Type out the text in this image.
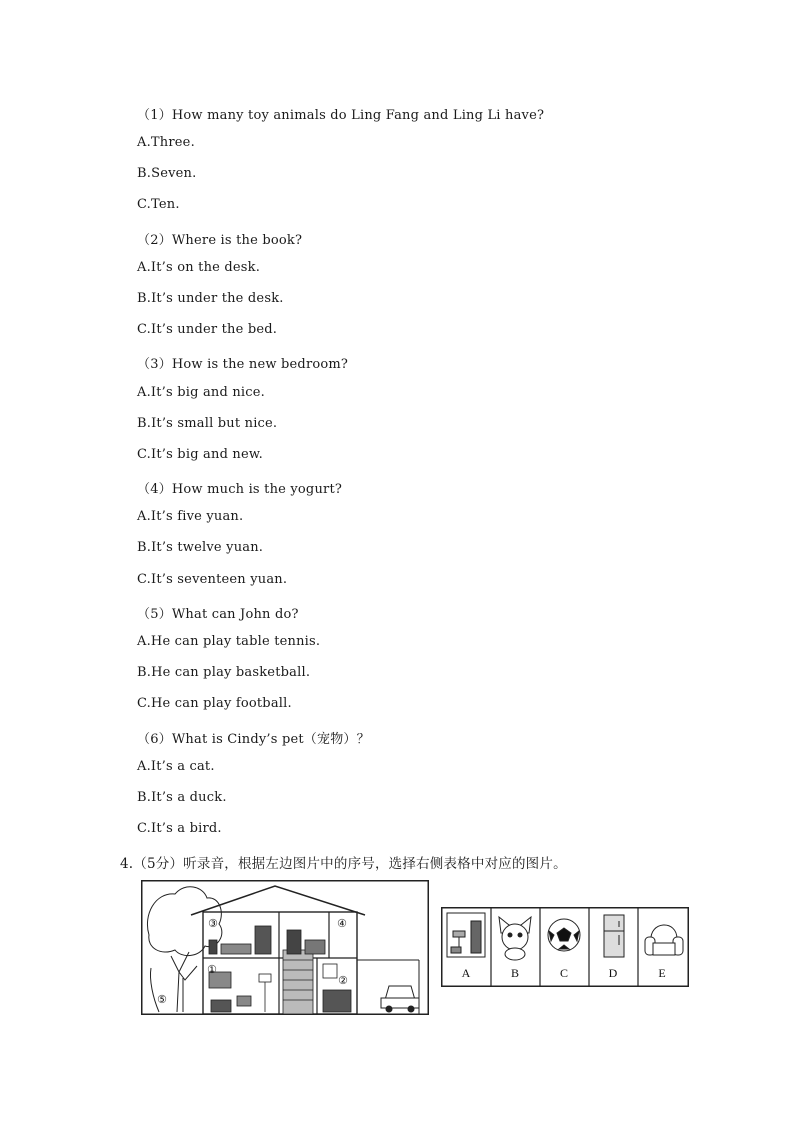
（1）How many toy animals do Ling Fang and Ling Li have?
A.Three.
B.Seven.
C.Ten.
（2）Where is the book?
A.It’s on the desk.
B.It’s under the desk.
C.It’s under the bed.
（3）How is the new bedroom?
A.It’s big and nice.
B.It’s small but nice.
C.It’s big and new.
（4）How much is the yogurt?
A.It’s five yuan.
B.It’s twelve yuan.
C.It’s seventeen yuan.
（5）What can John do?
A.He can play table tennis.
B.He can play basketball.
C.He can play football.
（6）What is Cindy’s pet（宠物）？
A.It’s a cat.
B.It’s a duck.
C.It’s a bird.
4.（5分）听录音，根据左边图片中的序号，选择右侧表格中对应的图片。
③	④
①
②
⑤
A	B	C	D	E
